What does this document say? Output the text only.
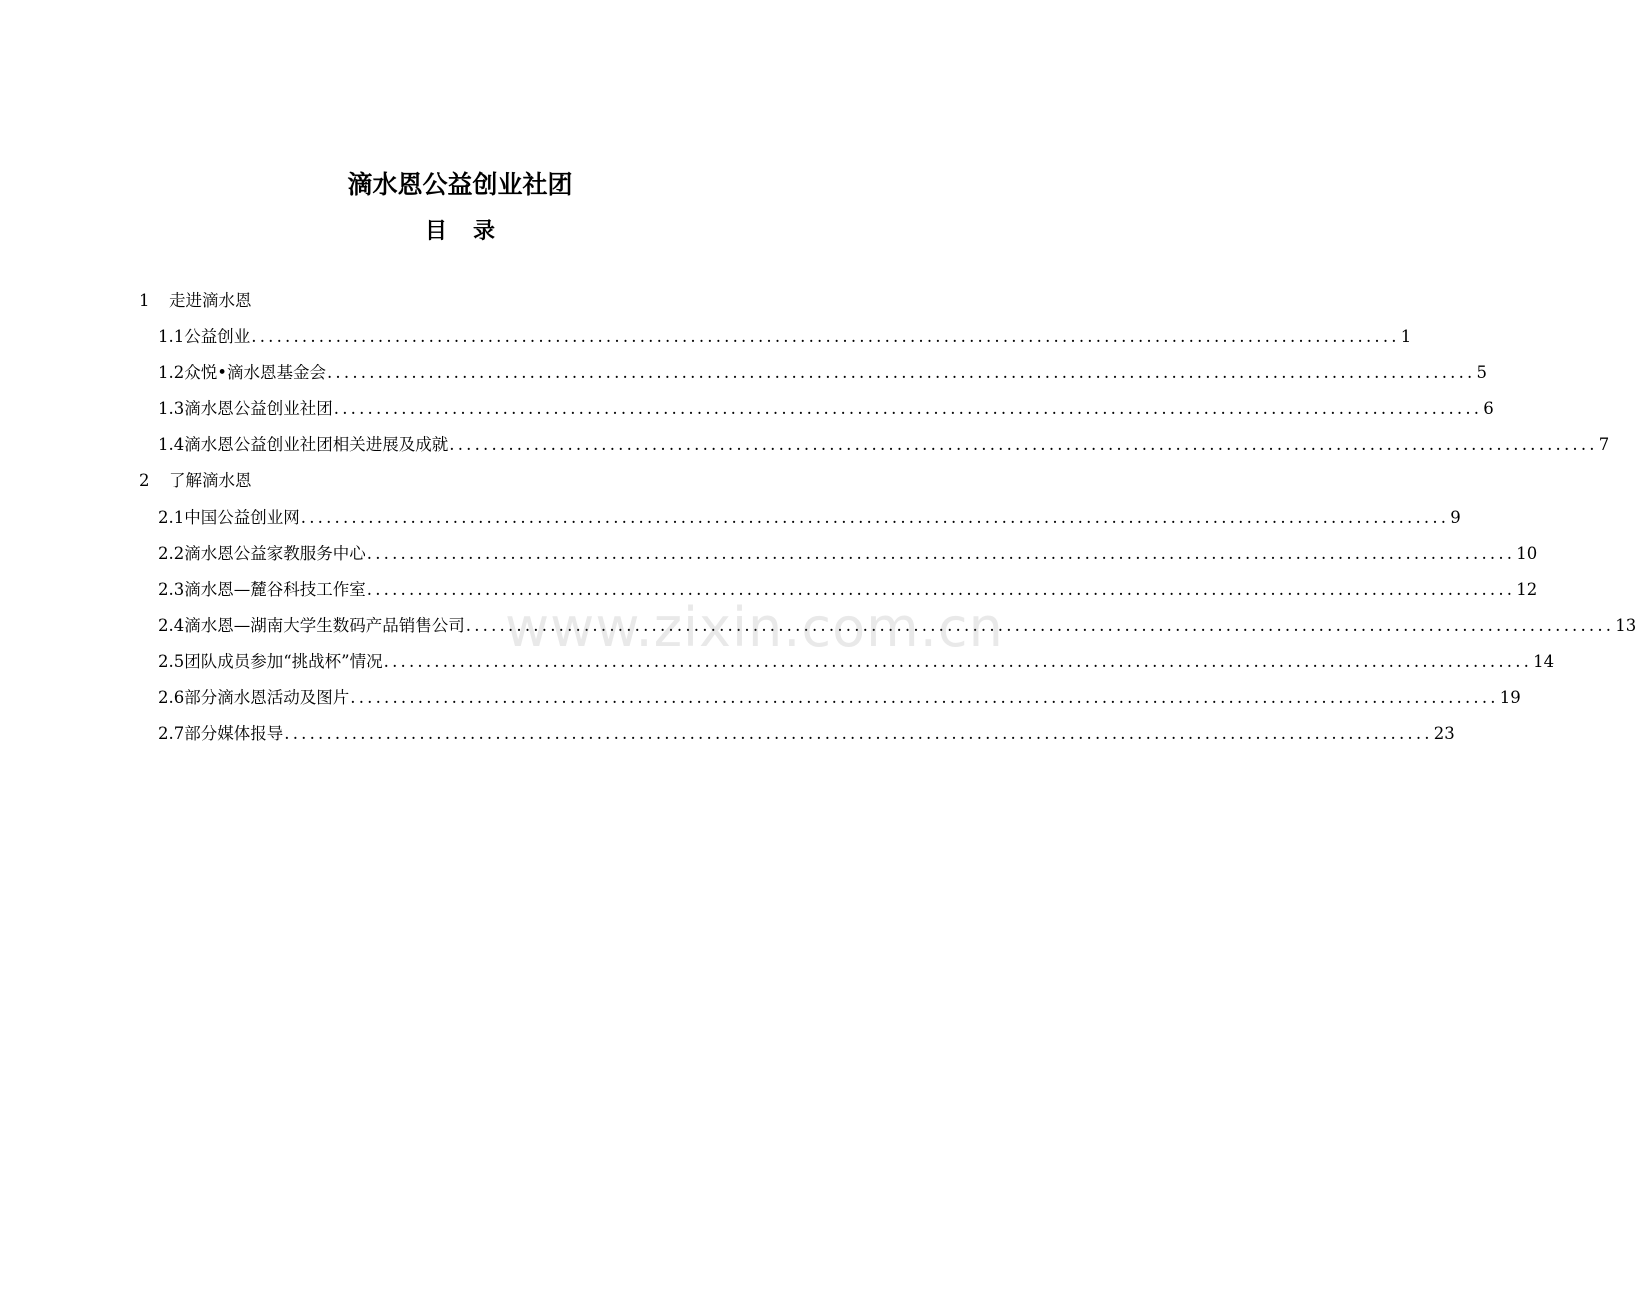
滴水恩公益创业社团
目录
1	走进滴水恩
1.1 公益创业 .....	1
1.2 众悦•滴水恩基金会 .....	5
1.3 滴水恩公益创业社团 .....	6
1.4 滴水恩公益创业社团相关进展及成就 .....	7
2	了解滴水恩
2.1 中国公益创业网 .....	9
2.2 滴水恩公益家教服务中心 .....	10
2.3 滴水恩—麓谷科技工作室 .....	12
2.4 滴水恩—湖南大学生数码产品销售公司 .....	13
2.5 团队成员参加“挑战杯”情况 .....	14
2.6 部分滴水恩活动及图片 .....	19
2.7 部分媒体报导 .....	23
www.zixin.com.cn
